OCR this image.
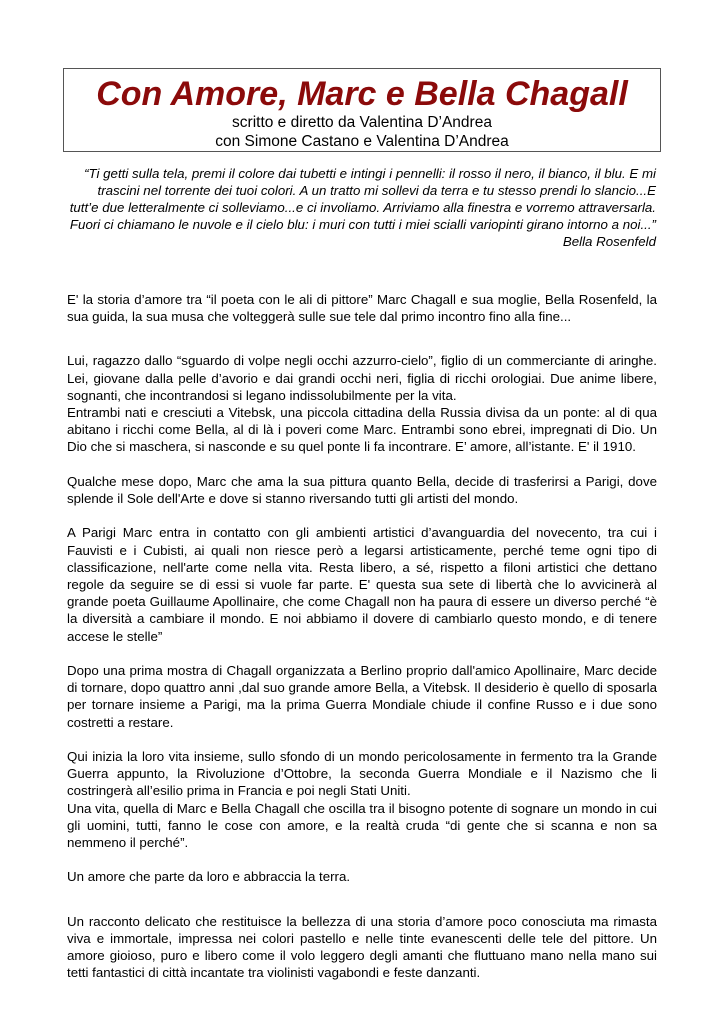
Con Amore, Marc e Bella Chagall
scritto e diretto da Valentina D’Andrea
con Simone Castano e Valentina D’Andrea

“Ti getti sulla tela, premi il colore dai tubetti e intingi i pennelli: il rosso il nero, il bianco, il blu. E mi trascini nel torrente dei tuoi colori. A un tratto mi sollevi da terra e tu stesso prendi lo slancio...E tutt’e due letteralmente ci solleviamo...e ci involiamo. Arriviamo alla finestra e vorremo attraversarla. Fuori ci chiamano le nuvole e il cielo blu: i muri con tutti i miei scialli variopinti girano intorno a noi...”

Bella Rosenfeld

E' la storia d’amore tra “il poeta con le ali di pittore” Marc Chagall e sua moglie, Bella Rosenfeld, la sua guida, la sua musa che volteggerà sulle sue tele dal primo incontro fino alla fine...

Lui, ragazzo dallo “sguardo di volpe negli occhi azzurro-cielo”, figlio di un commerciante di aringhe. Lei, giovane dalla pelle d’avorio e dai grandi occhi neri, figlia di ricchi orologiai. Due anime libere, sognanti, che incontrandosi si legano indissolubilmente per la vita.

Entrambi nati e cresciuti a Vitebsk, una piccola cittadina della Russia divisa da un ponte: al di qua abitano i ricchi come Bella, al di là i poveri come Marc. Entrambi sono ebrei, impregnati di Dio. Un Dio che si maschera, si nasconde e su quel ponte li fa incontrare. E’ amore, all’istante. E' il 1910.

Qualche mese dopo, Marc che ama la sua pittura quanto Bella, decide di trasferirsi a Parigi, dove splende il Sole dell'Arte e dove si stanno riversando tutti gli artisti del mondo.

A Parigi Marc entra in contatto con gli ambienti artistici d’avanguardia del novecento, tra cui i Fauvisti e i Cubisti, ai quali non riesce però a legarsi artisticamente, perché teme ogni tipo di classificazione, nell'arte come nella vita. Resta libero, a sé, rispetto a filoni artistici che dettano regole da seguire se di essi si vuole far parte. E' questa sua sete di libertà che lo avvicinerà al grande poeta Guillaume Apollinaire, che come Chagall non ha paura di essere un diverso perché “è la diversità a cambiare il mondo. E noi abbiamo il dovere di cambiarlo questo mondo, e di tenere accese le stelle”

Dopo una prima mostra di Chagall organizzata a Berlino proprio dall'amico Apollinaire, Marc decide di tornare, dopo quattro anni ,dal suo grande amore Bella, a Vitebsk. Il desiderio è quello di sposarla per tornare insieme a Parigi, ma la prima Guerra Mondiale chiude il confine Russo e i due sono costretti a restare.

Qui inizia la loro vita insieme, sullo sfondo di un mondo pericolosamente in fermento tra la Grande Guerra appunto, la Rivoluzione d’Ottobre, la seconda Guerra Mondiale e il Nazismo che li costringerà all’esilio prima in Francia e poi negli Stati Uniti.

Una vita, quella di Marc e Bella Chagall che oscilla tra il bisogno potente di sognare un mondo in cui gli uomini, tutti, fanno le cose con amore, e la realtà cruda “di gente che si scanna e non sa nemmeno il perché”.

Un amore che parte da loro e abbraccia la terra.

Un racconto delicato che restituisce la bellezza di una storia d’amore poco conosciuta ma rimasta viva e immortale, impressa nei colori pastello e nelle tinte evanescenti delle tele del pittore. Un amore gioioso, puro e libero come il volo leggero degli amanti che fluttuano mano nella mano sui tetti fantastici di città incantate tra violinisti vagabondi e feste danzanti.
